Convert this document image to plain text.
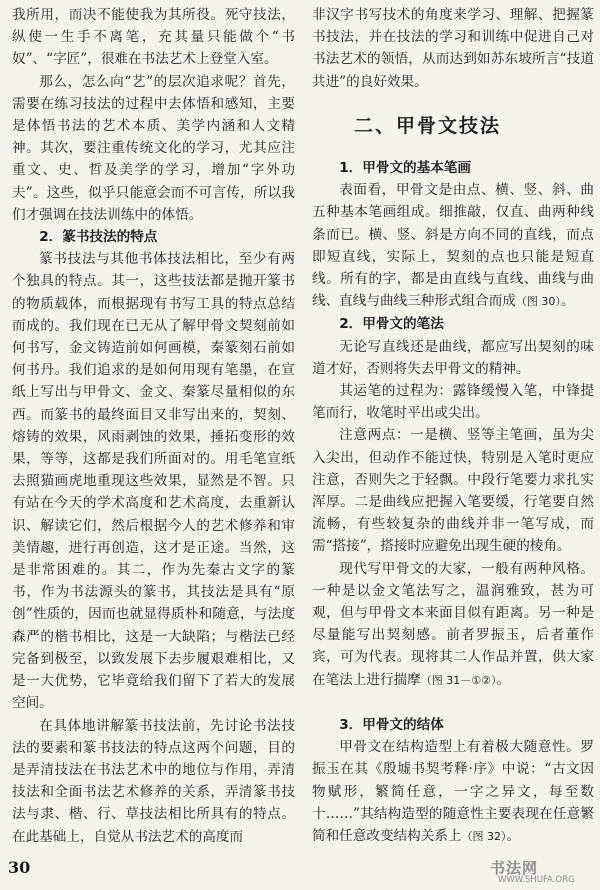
我所用，而决不能使我为其所役。死守技法，纵使一生手不离笔，充其量只能做个“书奴”、“字匠”，很难在书法艺术上登堂入室。

那么，怎么向“艺”的层次追求呢？首先，需要在练习技法的过程中去体悟和感知，主要是体悟书法的艺术本质、美学内涵和人文精神。其次，要注重传统文化的学习，尤其应注重文、史、哲及美学的学习，增加“字外功夫”。这些，似乎只能意会而不可言传，所以我们才强调在技法训练中的体悟。

2．篆书技法的特点

篆书技法与其他书体技法相比，至少有两个独具的特点。其一，这些技法都是抛开篆书的物质载体，而根据现有书写工具的特点总结而成的。我们现在已无从了解甲骨文契刻前如何书写，金文铸造前如何画模，秦篆刻石前如何书丹。我们追求的是如何用现有笔墨，在宣纸上写出与甲骨文、金文、秦篆尽量相似的东西。而篆书的最终面目又非写出来的，契刻、熔铸的效果，风雨剥蚀的效果，捶拓变形的效果，等等，这都是我们所面对的。用毛笔宣纸去照猫画虎地重现这些效果，显然是不智。只有站在今天的学术高度和艺术高度，去重新认识、解读它们，然后根据今人的艺术修养和审美情趣，进行再创造，这才是正途。当然，这是非常困难的。其二，作为先秦古文字的篆书，作为书法源头的篆书，其技法是具有“原创”性质的，因而也就显得质朴和随意，与法度森严的楷书相比，这是一大缺陷；与楷法已经完备到极至，以致发展下去步履艰难相比，又是一大优势，它毕竟给我们留下了若大的发展空间。

在具体地讲解篆书技法前，先讨论书法技法的要素和篆书技法的特点这两个问题，目的是弄清技法在书法艺术中的地位与作用，弄清技法和全面书法艺术修养的关系，弄清篆书技法与隶、楷、行、草技法相比所具有的特点。在此基础上，自觉从书法艺术的高度而

非汉字书写技术的角度来学习、理解、把握篆书技法，并在技法的学习和训练中促进自己对书法艺术的领悟，从而达到如苏东坡所言“技道共进”的良好效果。

二、甲骨文技法

1．甲骨文的基本笔画

表面看，甲骨文是由点、横、竖、斜、曲五种基本笔画组成。细推敲，仅直、曲两种线条而已。横、竖、斜是方向不同的直线，而点即短直线，实际上，契刻的点也只能是短直线。所有的字，都是由直线与直线、曲线与曲线、直线与曲线三种形式组合而成（图 30）。

2．甲骨文的笔法

无论写直线还是曲线，都应写出契刻的味道才好，否则将失去甲骨文的精神。

其运笔的过程为：露锋缓慢入笔，中锋提笔而行，收笔时平出或尖出。

注意两点：一是横、竖等主笔画，虽为尖入尖出，但动作不能过快，特别是入笔时更应注意，否则失之于轻飘。中段行笔要力求扎实浑厚。二是曲线应把握入笔要缓，行笔要自然流畅，有些较复杂的曲线并非一笔写成，而需“搭接”，搭接时应避免出现生硬的棱角。

现代写甲骨文的大家，一般有两种风格。一种是以金文笔法写之，温润雅致，甚为可观，但与甲骨文本来面目似有距离。另一种是尽量能写出契刻感。前者罗振玉，后者董作宾，可为代表。现将其二人作品并置，供大家在笔法上进行揣摩（图 31－①②）。

3．甲骨文的结体

甲骨文在结构造型上有着极大随意性。罗振玉在其《殷墟书契考释·序》中说：“古文因物赋形，繁简任意，一字之异文，每至数十……”其结构造型的随意性主要表现在任意繁简和任意改变结构关系上（图 32）。

30	书法网
WWW.SHUFA.ORG
